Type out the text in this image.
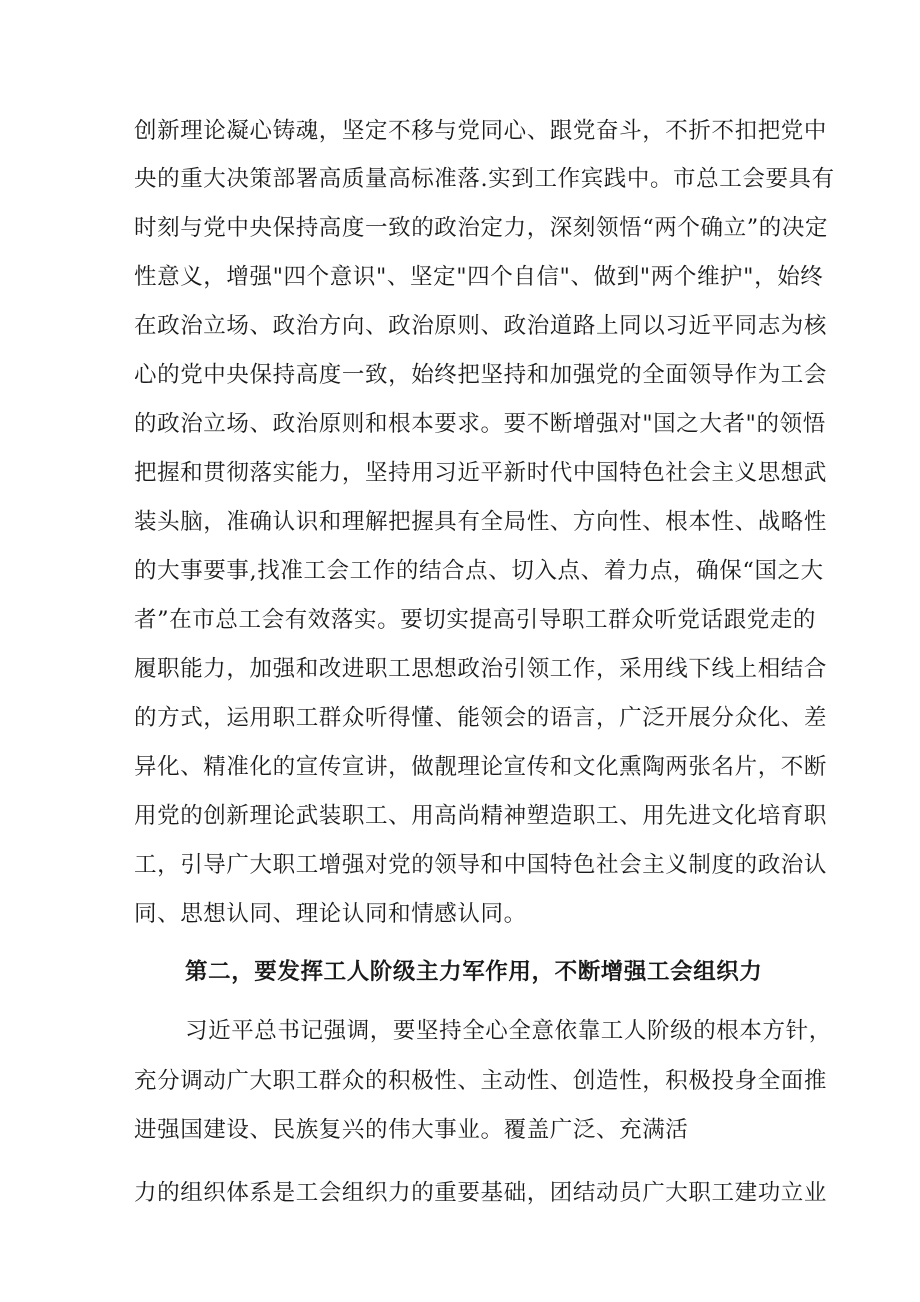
创新理论凝心铸魂，坚定不移与党同心、跟党奋斗，不折不扣把党中
央的重大决策部署高质量高标准落.实到工作宾践中。市总工会要具有
时刻与党中央保持高度一致的政治定力，深刻领悟“两个确立”的决定
性意义，增强"四个意识"、坚定"四个自信"、做到"两个维护"，始终
在政治立场、政治方向、政治原则、政治道路上同以习近平同志为核
心的党中央保持高度一致，始终把坚持和加强党的全面领导作为工会
的政治立场、政治原则和根本要求。要不断增强对"国之大者"的领悟
把握和贯彻落实能力，坚持用习近平新时代中国特色社会主义思想武
装头脑，准确认识和理解把握具有全局性、方向性、根本性、战略性
的大事要事,找准工会工作的结合点、切入点、着力点，确保“国之大
者”在市总工会有效落实。要切实提高引导职工群众听党话跟党走的
履职能力，加强和改进职工思想政治引领工作，采用线下线上相结合
的方式，运用职工群众听得懂、能领会的语言，广泛开展分众化、差
异化、精准化的宣传宣讲，做靓理论宣传和文化熏陶两张名片，不断
用党的创新理论武装职工、用高尚精神塑造职工、用先进文化培育职
工，引导广大职工增强对党的领导和中国特色社会主义制度的政治认
同、思想认同、理论认同和情感认同。
第二，要发挥工人阶级主力军作用，不断增强工会组织力
习近平总书记强调，要坚持全心全意依靠工人阶级的根本方针，
充分调动广大职工群众的积极性、主动性、创造性，积极投身全面推
进强国建设、民族复兴的伟大事业。覆盖广泛、充满活
力的组织体系是工会组织力的重要基础，团结动员广大职工建功立业
